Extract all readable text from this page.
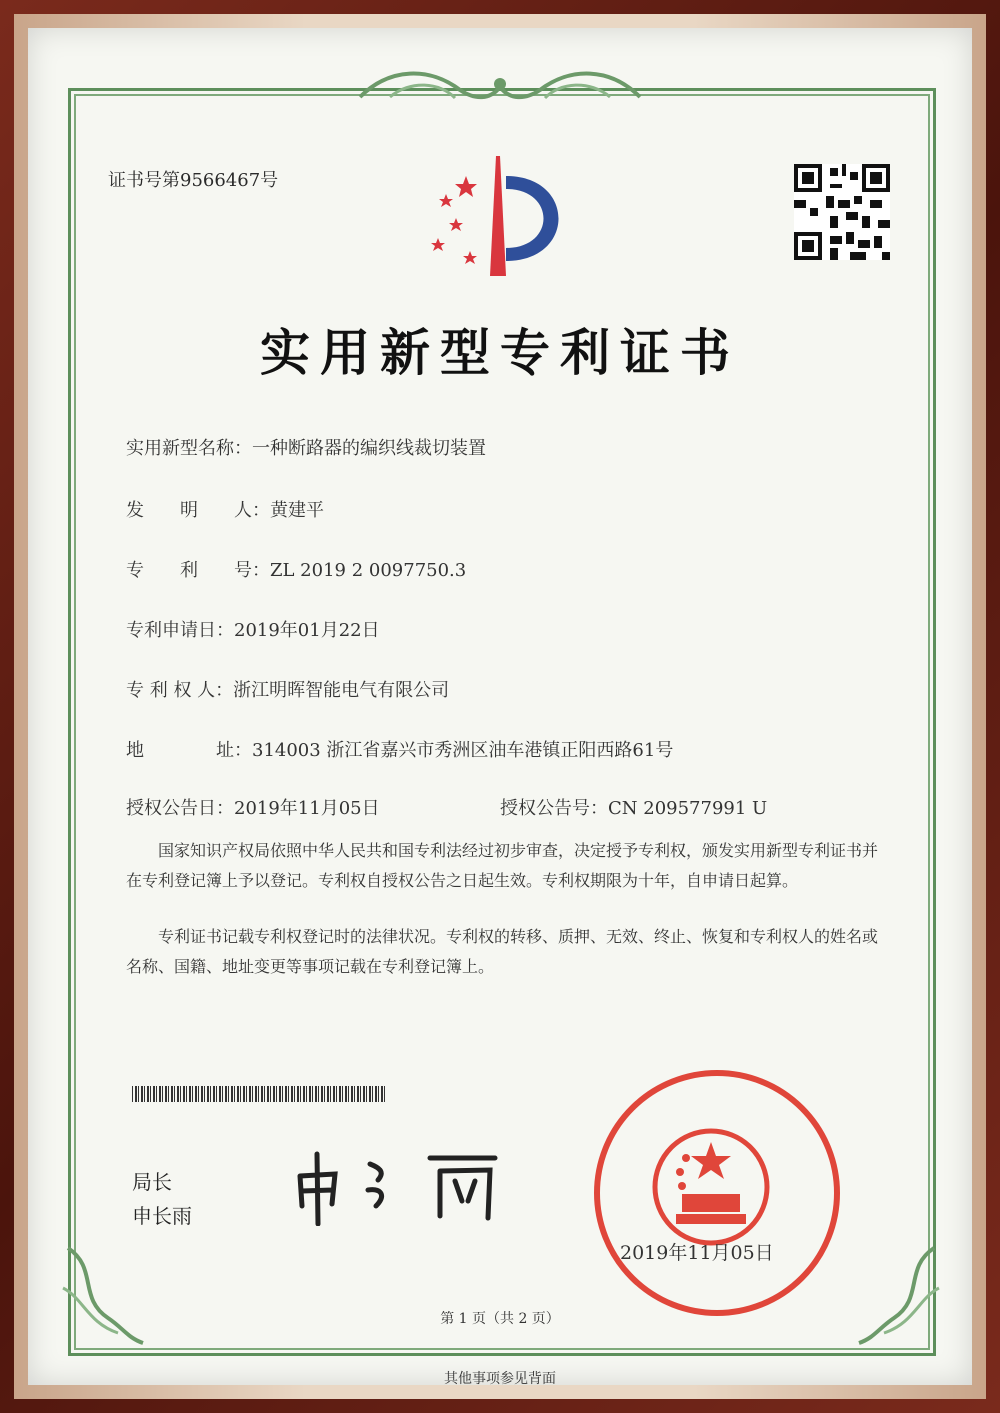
证书号第9566467号
实用新型专利证书
实用新型名称：一种断路器的编织线裁切装置
发　　明　　人：黄建平
专　　利　　号：ZL 2019 2 0097750.3
专利申请日：2019年01月22日
专 利 权 人：浙江明晖智能电气有限公司
地　　　　址：314003 浙江省嘉兴市秀洲区油车港镇正阳西路61号
授权公告日：2019年11月05日	授权公告号：CN 209577991 U
国家知识产权局依照中华人民共和国专利法经过初步审查，决定授予专利权，颁发实用新型专利证书并在专利登记簿上予以登记。专利权自授权公告之日起生效。专利权期限为十年，自申请日起算。
专利证书记载专利权登记时的法律状况。专利权的转移、质押、无效、终止、恢复和专利权人的姓名或名称、国籍、地址变更等事项记载在专利登记簿上。
局长
申长雨
2019年11月05日
第 1 页（共 2 页）
其他事项参见背面
